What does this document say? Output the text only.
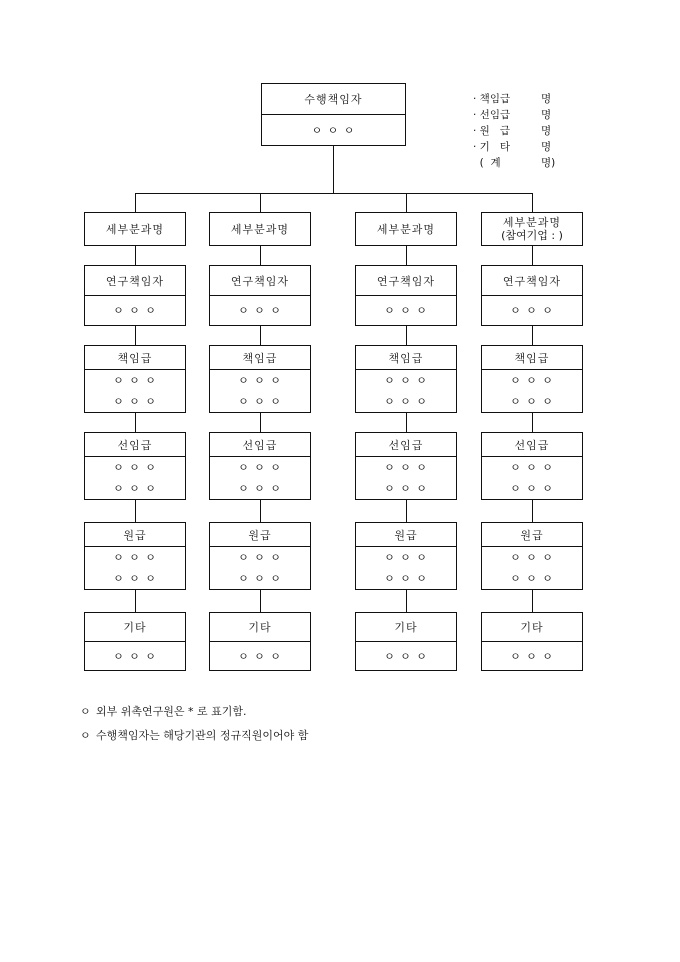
수행책임자
ㅇ ㅇ ㅇ
세부분과명
연구책임자
ㅇ ㅇ ㅇ
책임급
ㅇ ㅇ ㅇ
ㅇ ㅇ ㅇ
선임급
ㅇ ㅇ ㅇ
ㅇ ㅇ ㅇ
원급
ㅇ ㅇ ㅇ
ㅇ ㅇ ㅇ
기타
ㅇ ㅇ ㅇ
세부분과명
연구책임자
ㅇ ㅇ ㅇ
책임급
ㅇ ㅇ ㅇ
ㅇ ㅇ ㅇ
선임급
ㅇ ㅇ ㅇ
ㅇ ㅇ ㅇ
원급
ㅇ ㅇ ㅇ
ㅇ ㅇ ㅇ
기타
ㅇ ㅇ ㅇ
세부분과명
연구책임자
ㅇ ㅇ ㅇ
책임급
ㅇ ㅇ ㅇ
ㅇ ㅇ ㅇ
선임급
ㅇ ㅇ ㅇ
ㅇ ㅇ ㅇ
원급
ㅇ ㅇ ㅇ
ㅇ ㅇ ㅇ
기타
ㅇ ㅇ ㅇ
세부분과명
(참여기업 : )
연구책임자
ㅇ ㅇ ㅇ
책임급
ㅇ ㅇ ㅇ
ㅇ ㅇ ㅇ
선임급
ㅇ ㅇ ㅇ
ㅇ ㅇ ㅇ
원급
ㅇ ㅇ ㅇ
ㅇ ㅇ ㅇ
기타
ㅇ ㅇ ㅇ
· 책임급	명
· 선임급	명
· 원   급	명
· 기   타	명
(  계	명)
ㅇ 외부 위촉연구원은 * 로 표기함.
ㅇ 수행책임자는 해당기관의 정규직원이어야 함
